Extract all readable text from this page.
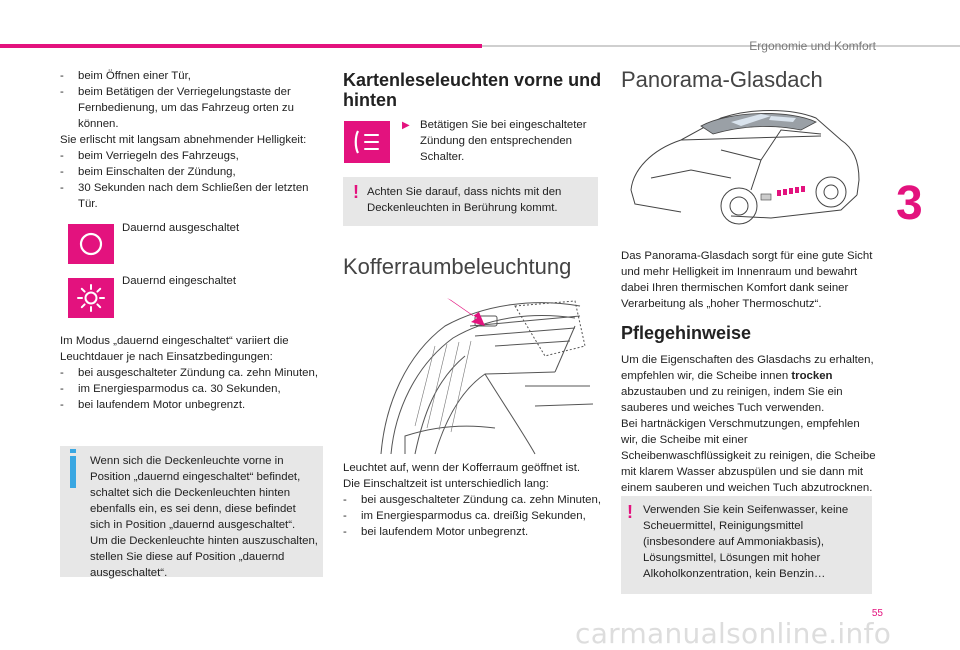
Ergonomie und Komfort
3
- beim Öffnen einer Tür,
- beim Betätigen der Verriegelungstaste der Fernbedienung, um das Fahrzeug orten zu können.

Sie erlischt mit langsam abnehmender Helligkeit:

- beim Verriegeln des Fahrzeugs,
- beim Einschalten der Zündung,
- 30 Sekunden nach dem Schließen der letzten Tür.
Dauernd ausgeschaltet
Dauernd eingeschaltet

Im Modus „dauernd eingeschaltet“ variiert die Leuchtdauer je nach Einsatzbedingungen:

- bei ausgeschalteter Zündung ca. zehn Minuten,
- im Energiesparmodus ca. 30 Sekunden,
- bei laufendem Motor unbegrenzt.

Wenn sich die Deckenleuchte vorne in Position „dauernd eingeschaltet“ befindet, schaltet sich die Deckenleuchten hinten ebenfalls ein, es sei denn, diese befindet sich in Position „dauernd ausgeschaltet“.

Um die Deckenleuchte hinten auszuschalten, stellen Sie diese auf Position „dauernd ausgeschaltet“.

Kartenleseleuchten vorne und hinten
▶ Betätigen Sie bei eingeschalteter Zündung den entsprechenden Schalter.
! Achten Sie darauf, dass nichts mit den Deckenleuchten in Berührung kommt.
Kofferraumbeleuchtung

Leuchtet auf, wenn der Kofferraum geöffnet ist.

Die Einschaltzeit ist unterschiedlich lang:

- bei ausgeschalteter Zündung ca. zehn Minuten,
- im Energiesparmodus ca. dreißig Sekunden,
- bei laufendem Motor unbegrenzt.
Panorama-Glasdach
Das Panorama-Glasdach sorgt für eine gute Sicht und mehr Helligkeit im Innenraum und bewahrt dabei Ihren thermischen Komfort dank seiner Verarbeitung als „hoher Thermoschutz“.
Pflegehinweise

Um die Eigenschaften des Glasdachs zu erhalten, empfehlen wir, die Scheibe innen trocken abzustauben und zu reinigen, indem Sie ein sauberes und weiches Tuch verwenden.

Bei hartnäckigen Verschmutzungen, empfehlen wir, die Scheibe mit einer Scheibenwaschflüssigkeit zu reinigen, die Scheibe mit klarem Wasser abzuspülen und sie dann mit einem sauberen und weichen Tuch abzutrocknen.

! Verwenden Sie kein Seifenwasser, keine Scheuermittel, Reinigungsmittel (insbesondere auf Ammoniakbasis), Lösungsmittel, Lösungen mit hoher Alkoholkonzentration, kein Benzin…
55
carmanualsonline.info
